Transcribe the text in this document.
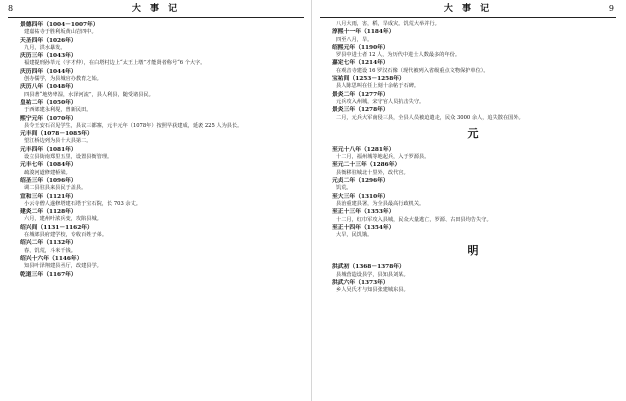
8	大 事 记
景德四年（1004－1007年）
建嘉祐寺于胜利坂黄山岩四中。
天圣四年（1026年）
九月，洪水暴发。
庆历三年（1043年）
福建提刑孙莘元（字才仲），在白塔村边上“太王上墩”才能贤者称号“6 个大字。
庆历四年（1044年）
创办儒学，为县城官办教育之始。
庆历八年（1048年）
四县著“地势卑湿，水泽河流”，县人利县，随受诸县民。
皇祐二年（1050年）
于西郊建永利堤，曾新民田。
熙宁元年（1070年）
县令王安石召见学生，县议三都寨，元丰元年（1078年）按照早获建成，延袤 225 人为县长。
元丰间（1078－1085年）
望江桥边列为县十大县第二。
元丰四年（1081年）
设立县街南郑里五里，设置县衙管理。
元丰七年（1084年）
疏浚河道修建桥梁。
绍圣三年（1096年）
调二县驻县来县民于盖县。
宣和三年（1121年）
小云寺僧人遂修塔建石塔于宝石院，长 703 余丈。
建炎二年（1128年）
六月，建州叶浓兵变，攻陷县城。
绍兴间（1131－1162年）
在城郊县府建学校，专收百姓子弟。
绍兴二年（1132年）
春，饥荒，斗米千钱。
绍兴十六年（1146年）
知县叶泽翔建县丞厅，改建县学。
乾道三年（1167年）
大 事 记	9
八月大雨，害，稻，旱成灾。饥荒大举并行。
淳熙十一年（1184年）
四至八月，旱。
绍熙元年（1190年）
罗县中进士者 12 人，为历代中进士人数最多的年份。
嘉定七年（1214年）
在观音寺建设 16 罗汉石像（现代被列入省级重点文物保护单位）。
宝祐间（1253－1258年）
县人陈思叫在任上刻十余帖于石碑。
景炎二年（1277年）
元兵攻入州城，宋守官人员抗击失守。
景炎三年（1278年）
二月，元兵大军南侵三县，全县人员被迫遣走，民众 3000 余人，追失散在国外。
元
至元十八年（1281年）
十二月，福州城等地起兵，入于罗源县。
至元二十三年（1286年）
县衙移驻城北十里外，改代宫。
元贞二年（1296年）
饥荒。
至大三年（1310年）
县治重建县署，为全县最高行政机关。
至正十三年（1353年）
十二月，红巾军攻入县城，民众大量逃亡，罗源、古田县均告失守。
至正十四年（1354年）
大旱，民饥饿。
明
洪武初（1368－1378年）
县城营造设县学，县知县刘某。
洪武六年（1373年）
乡人吴氏才与知县张建城东县。
